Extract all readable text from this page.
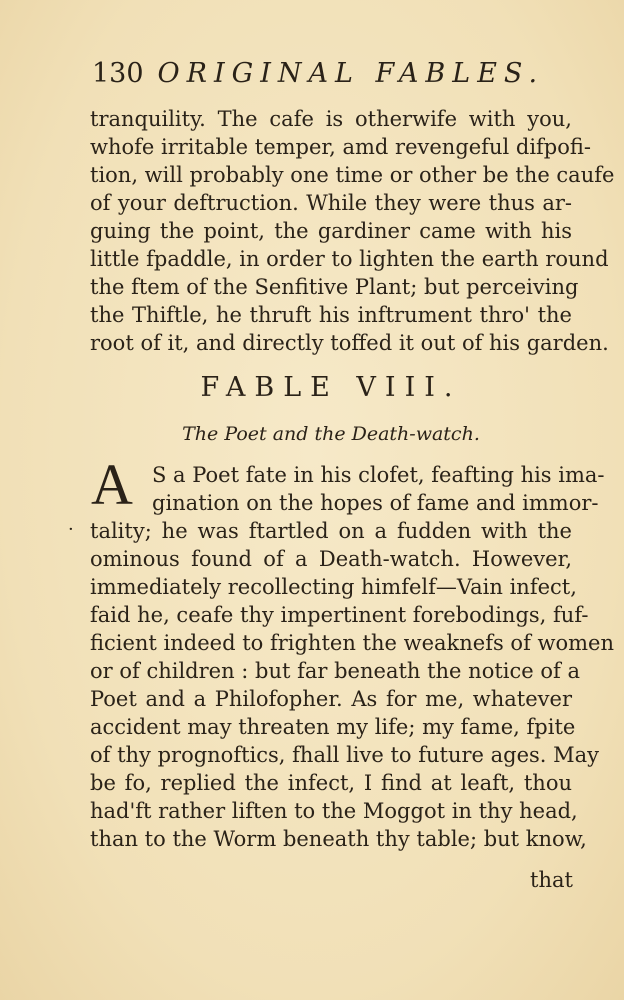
130 ORIGINAL FABLES.
tranquility. The cafe is otherwife with you,
whofe irritable temper, amd revengeful difpofi-
tion, will probably one time or other be the caufe
of your deftruction. While they were thus ar-
guing the point, the gardiner came with his
little fpaddle, in order to lighten the earth round
the ftem of the Senfitive Plant; but perceiving
the Thiftle, he thruft his inftrument thro' the
root of it, and directly toffed it out of his garden.
FABLE VIII.
The Poet and the Death-watch.
A
·
S a Poet fate in his clofet, feafting his ima-
gination on the hopes of fame and immor-
tality; he was ftartled on a fudden with the
ominous found of a Death-watch. However,
immediately recollecting himfelf—Vain infect,
faid he, ceafe thy impertinent forebodings, fuf-
ficient indeed to frighten the weaknefs of women
or of children : but far beneath the notice of a
Poet and a Philofopher. As for me, whatever
accident may threaten my life; my fame, fpite
of thy prognoftics, fhall live to future ages. May
be fo, replied the infect, I find at leaft, thou
had'ft rather liften to the Moggot in thy head,
than to the Worm beneath thy table; but know,
that
